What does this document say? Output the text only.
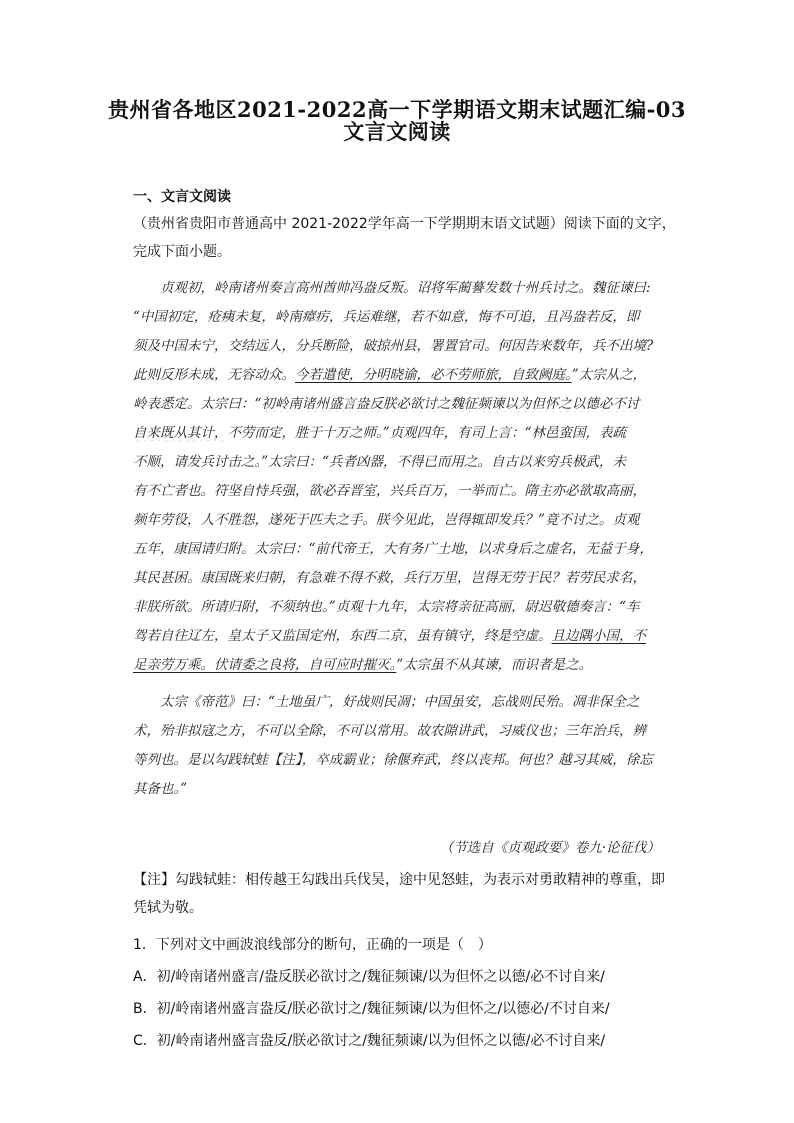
贵州省各地区2021-2022高一下学期语文期末试题汇编-03
文言文阅读
一、文言文阅读
（贵州省贵阳市普通高中 2021-2022学年高一下学期期末语文试题）阅读下面的文字，
完成下面小题。
　　贞观初，岭南诸州奏言高州酋帅冯盎反叛。诏将军蔺謩发数十州兵讨之。魏征谏曰:
“中国初定，疮痍未复，岭南瘴疠，兵运难继，若不如意，悔不可追，且冯盎若反，即
须及中国未宁，交结远人，分兵断险，破掠州县，署置官司。何因告来数年，兵不出境?
此则反形未成，无容动众。今若遣使，分明晓谕，必不劳师旅，自致阙庭。”太宗从之，
岭表悉定。太宗曰：“初岭南诸州盛言盎反朕必欲讨之魏征频谏以为但怀之以德必不讨
自来既从其计，不劳而定，胜于十万之师。”贞观四年，有司上言：“林邑蛮国，表疏
不顺，请发兵讨击之。”太宗曰：“兵者凶器，不得已而用之。自古以来穷兵极武，未
有不亡者也。符坚自恃兵强，欲必吞晋室，兴兵百万，一举而亡。隋主亦必欲取高丽，
频年劳役，人不胜怨，遂死于匹夫之手。朕今见此，岂得辄即发兵？”竟不讨之。贞观
五年，康国请归附。太宗曰：“前代帝王，大有务广土地，以求身后之虚名，无益于身，
其民甚困。康国既来归朝，有急难不得不救，兵行万里，岂得无劳于民？若劳民求名，
非朕所欲。所请归附，不须纳也。”贞观十九年，太宗将亲征高丽，尉迟敬德奏言：“车
驾若自往辽左，皇太子又监国定州，东西二京，虽有镇守，终是空虚。且边隅小国，不
足亲劳万乘。伏请委之良将，自可应时摧灭。”太宗虽不从其谏，而识者是之。
　　太宗《帝范》曰：“土地虽广，好战则民凋；中国虽安，忘战则民殆。凋非保全之
术，殆非拟寇之方，不可以全除，不可以常用。故农隙讲武，习威仪也；三年治兵，辨
等列也。是以勾践轼蛙【注】，卒成霸业；徐偃弃武，终以丧邦。何也？越习其威，徐忘
其备也。”
（节选自《贞观政要》卷九·论征伐）
【注】勾践轼蛙：相传越王勾践出兵伐吴，途中见怒蛙，为表示对勇敢精神的尊重，即
凭轼为敬。
1．下列对文中画波浪线部分的断句，正确的一项是（　）
A．初/岭南诸州盛言/盎反朕必欲讨之/魏征频谏/以为但怀之以德/必不讨自来/
B．初/岭南诸州盛言盎反/朕必欲讨之/魏征频谏/以为但怀之/以德必/不讨自来/
C．初/岭南诸州盛言盎反/朕必欲讨之/魏征频谏/以为但怀之以德/必不讨自来/
